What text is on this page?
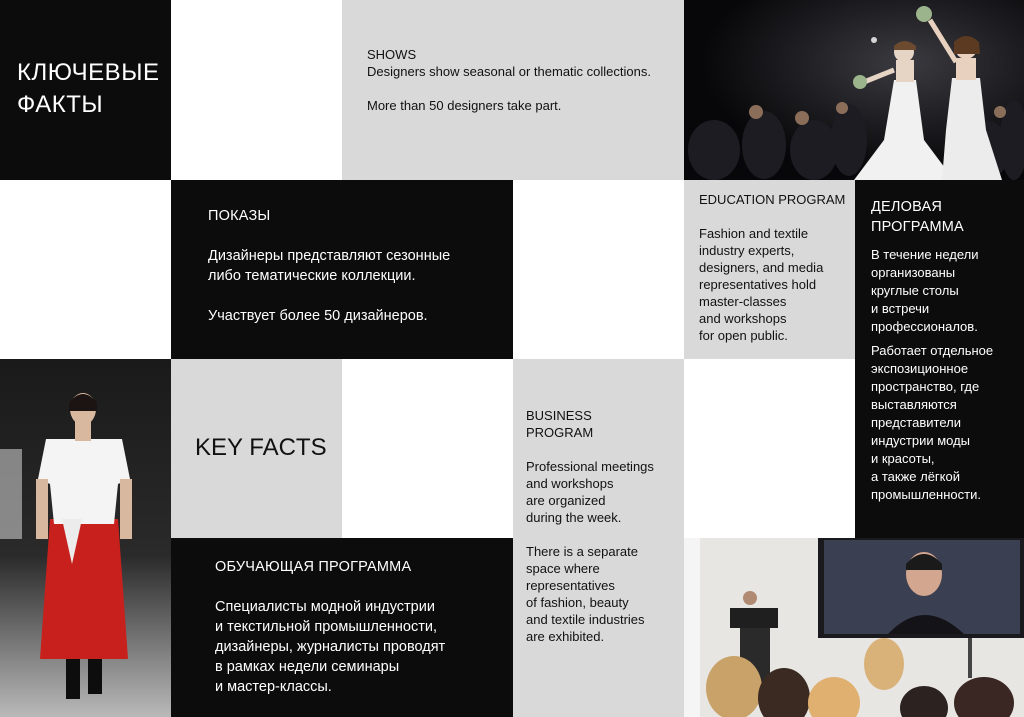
КЛЮЧЕВЫЕ

ФАКТЫ

SHOWS

Designers show seasonal or thematic collections.

More than 50 designers take part.

ПОКАЗЫ

Дизайнеры представляют сезонные

либо тематические коллекции.

Участвует более 50 дизайнеров.

EDUCATION PROGRAM

Fashion and textile

industry experts,

designers, and media

representatives hold

master-classes

and workshops

for open public.

ДЕЛОВАЯ

ПРОГРАММА

В течение недели

организованы

круглые столы

и встречи

профессионалов.

Работает отдельное

экспозиционное

пространство, где

выставляются

представители

индустрии моды

и красоты,

а также лёгкой

промышленности.

KEY FACTS

BUSINESS

PROGRAM

Professional meetings

and workshops

are organized

during the week.

There is a separate

space where

representatives

of fashion, beauty

and textile industries

are exhibited.

ОБУЧАЮЩАЯ ПРОГРАММА

Специалисты модной индустрии

и текстильной промышленности,

дизайнеры, журналисты проводят

в рамках недели семинары

и мастер-классы.
